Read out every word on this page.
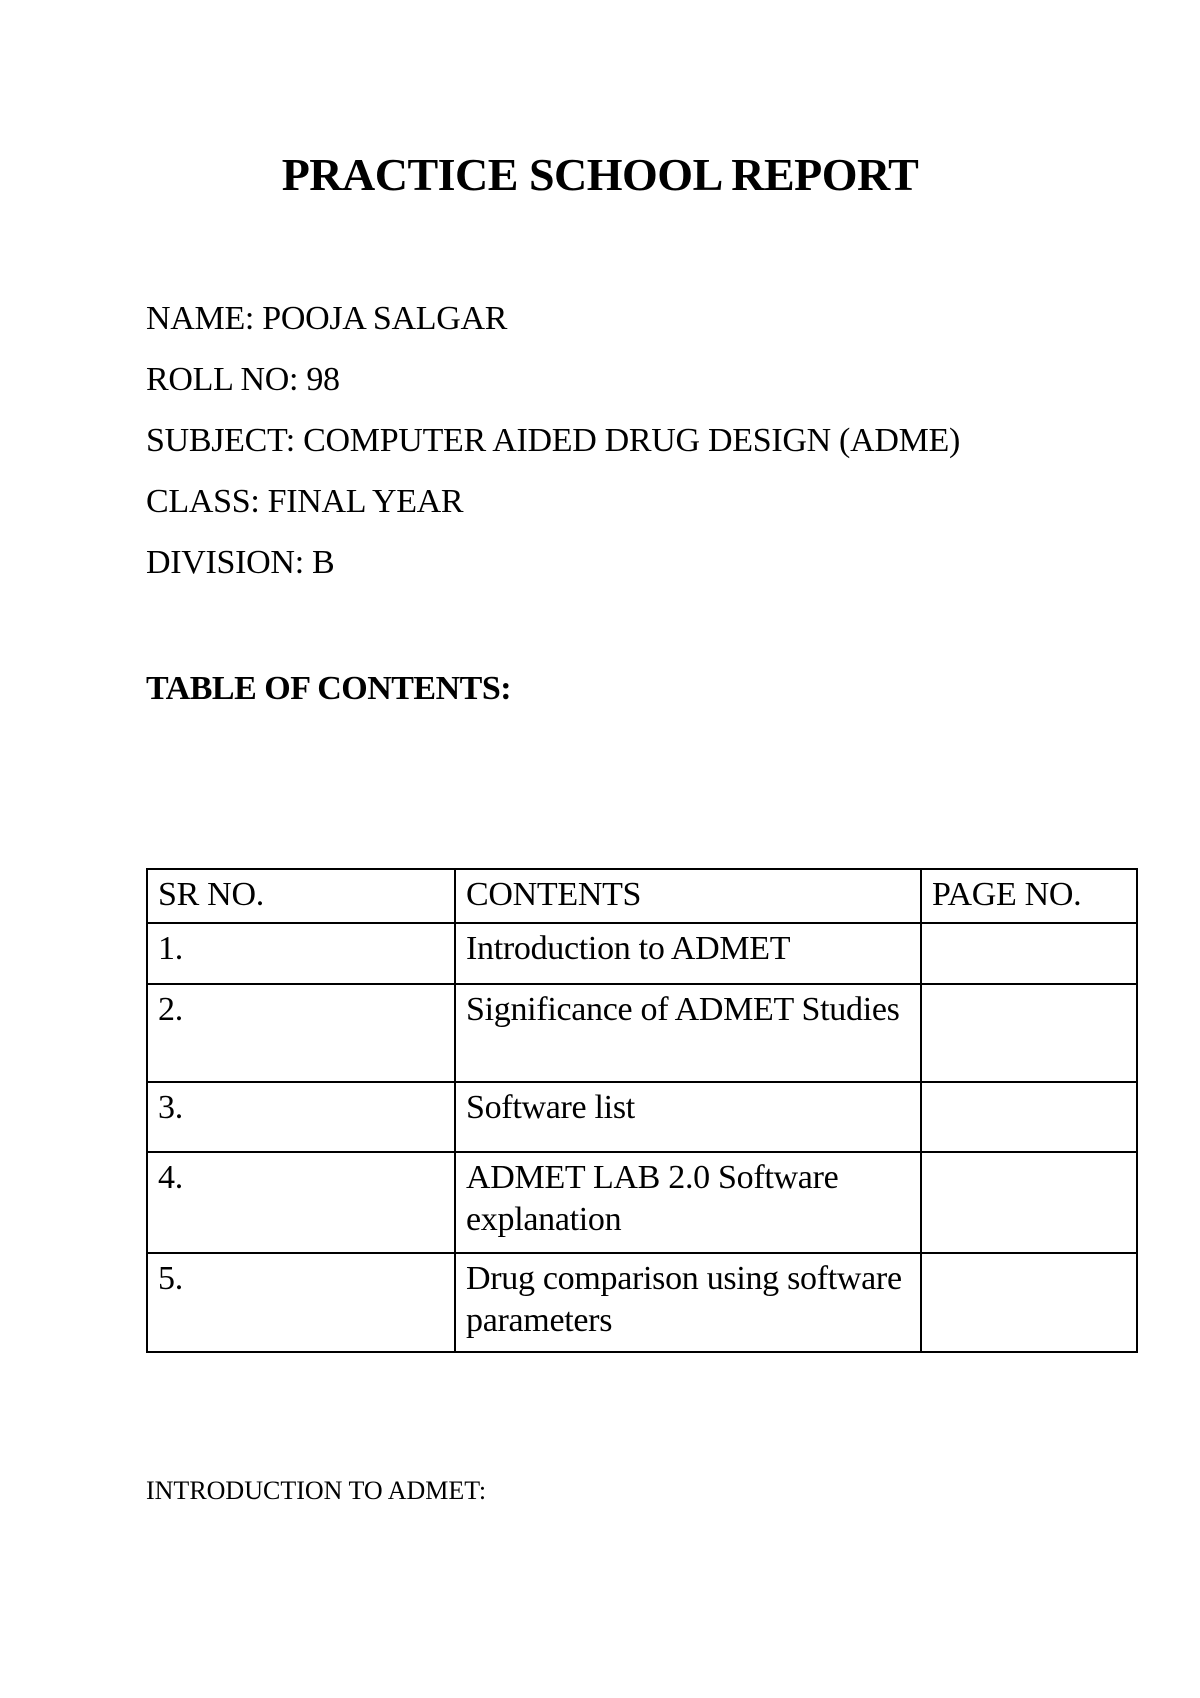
PRACTICE SCHOOL REPORT
NAME: POOJA SALGAR
ROLL NO: 98
SUBJECT: COMPUTER AIDED DRUG DESIGN (ADME)
CLASS: FINAL YEAR
DIVISION: B
TABLE OF CONTENTS:
SR NO.	CONTENTS	PAGE NO.
1.	Introduction to ADMET	
2.	Significance of ADMET Studies	
3.	Software list	
4.	ADMET LAB 2.0 Software explanation	
5.	Drug comparison using software parameters	
INTRODUCTION TO ADMET:
